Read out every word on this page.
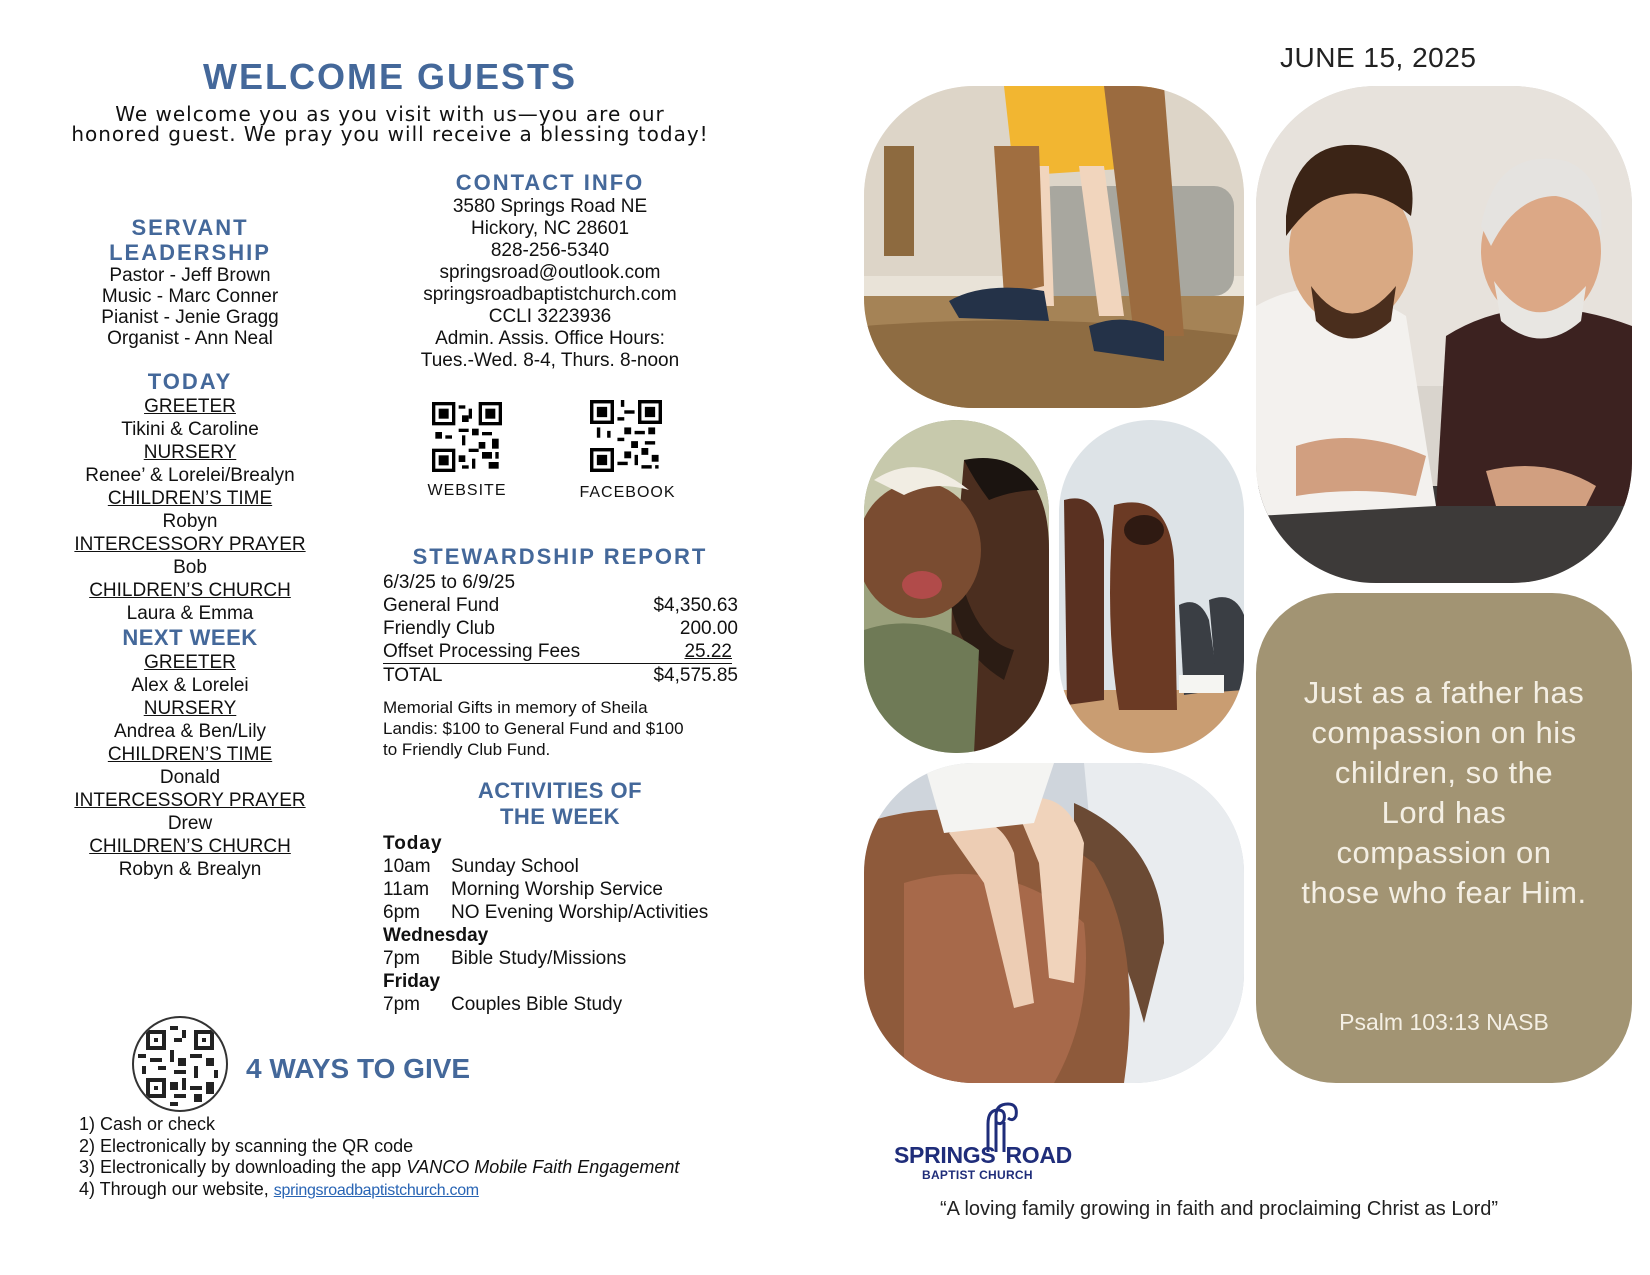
JUNE 15, 2025
WELCOME GUESTS
We welcome you as you visit with us—you are our
honored guest. We pray you will receive a blessing today!
SERVANT
LEADERSHIP
Pastor - Jeff Brown
Music - Marc Conner
Pianist - Jenie Gragg
Organist - Ann Neal
TODAY
GREETER
Tikini & Caroline
NURSERY
Renee’ & Lorelei/Brealyn
CHILDREN’S TIME
Robyn
INTERCESSORY PRAYER
Bob
CHILDREN’S CHURCH
Laura & Emma
NEXT WEEK
GREETER
Alex & Lorelei
NURSERY
Andrea & Ben/Lily
CHILDREN’S TIME
Donald
INTERCESSORY PRAYER
Drew
CHILDREN’S CHURCH
Robyn & Brealyn
CONTACT INFO
3580 Springs Road NE
Hickory, NC 28601
828-256-5340
springsroad@outlook.com
springsroadbaptistchurch.com
CCLI 3223936
Admin. Assis. Office Hours:
Tues.-Wed. 8-4, Thurs. 8-noon
WEBSITE	FACEBOOK
STEWARDSHIP REPORT
6/3/25 to 6/9/25
General Fund	$4,350.63
Friendly Club	200.00
Offset Processing Fees	25.22
TOTAL	$4,575.85
Memorial Gifts in memory of Sheila
Landis: $100 to General Fund and $100
to Friendly Club Fund.
ACTIVITIES OF
THE WEEK
Today
10am Sunday School
11am Morning Worship Service
6pm NO Evening Worship/Activities
Wednesday
7pm Bible Study/Missions
Friday
7pm Couples Bible Study
4 WAYS TO GIVE
1) Cash or check
2) Electronically by scanning the QR code
3) Electronically by downloading the app VANCO Mobile Faith Engagement
4) Through our website, springsroadbaptistchurch.com
Just as a father has
compassion on his
children, so the
Lord has
compassion on
those who fear Him.
Psalm 103:13 NASB
SPRINGS ROAD
BAPTIST CHURCH
“A loving family growing in faith and proclaiming Christ as Lord”
